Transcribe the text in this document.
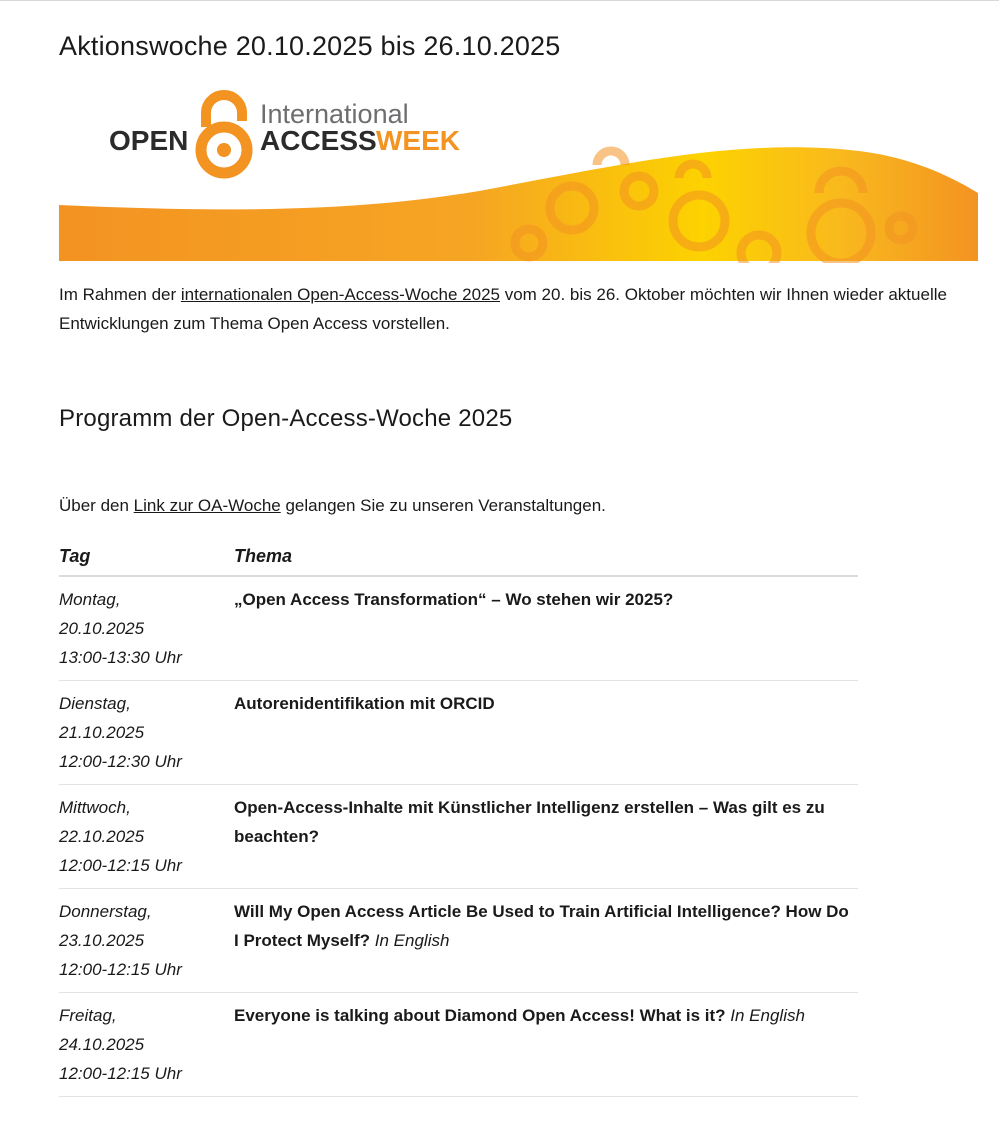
Aktionswoche 20.10.2025 bis 26.10.2025
OPEN
International
ACCESS WEEK

Im Rahmen der internationalen Open-Access-Woche 2025 vom 20. bis 26. Oktober möchten wir Ihnen wieder aktuelle Entwicklungen zum Thema Open Access vorstellen.

Programm der Open-Access-Woche 2025

Über den Link zur OA-Woche gelangen Sie zu unseren Veranstaltungen.

Tag	Thema

Montag,
20.10.2025
13:00-13:30 Uhr	„Open Access Transformation“ – Wo stehen wir 2025?

Dienstag,
21.10.2025
12:00-12:30 Uhr	Autorenidentifikation mit ORCID

Mittwoch,
22.10.2025
12:00-12:15 Uhr	Open-Access-Inhalte mit Künstlicher Intelligenz erstellen – Was gilt es zu beachten?

Donnerstag,
23.10.2025
12:00-12:15 Uhr	Will My Open Access Article Be Used to Train Artificial Intelligence? How Do I Protect Myself? In English

Freitag,
24.10.2025
12:00-12:15 Uhr	Everyone is talking about Diamond Open Access! What is it? In English
